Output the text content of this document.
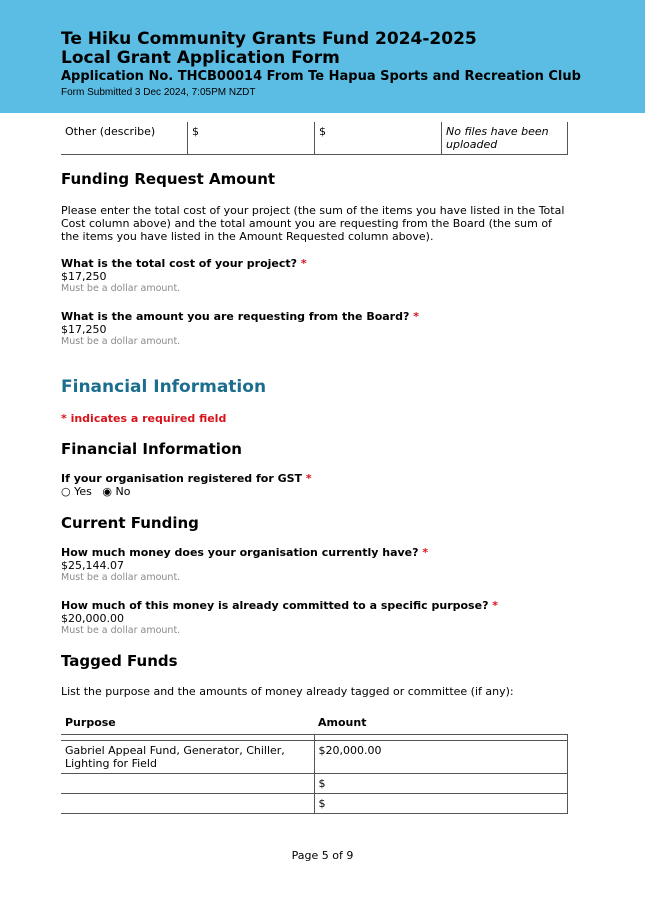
Te Hiku Community Grants Fund 2024-2025
Local Grant Application Form
Application No. THCB00014 From Te Hapua Sports and Recreation Club
Form Submitted 3 Dec 2024, 7:05PM NZDT
Other (describe)	$	$	No files have been uploaded
Funding Request Amount
Please enter the total cost of your project (the sum of the items you have listed in the Total Cost column above) and the total amount you are requesting from the Board (the sum of the items you have listed in the Amount Requested column above).
What is the total cost of your project? *
$17,250
Must be a dollar amount.
What is the amount you are requesting from the Board? *
$17,250
Must be a dollar amount.
Financial Information
* indicates a required field
Financial Information
If your organisation registered for GST *
○ Yes ◉ No
Current Funding
How much money does your organisation currently have? *
$25,144.07
Must be a dollar amount.
How much of this money is already committed to a specific purpose? *
$20,000.00
Must be a dollar amount.
Tagged Funds
List the purpose and the amounts of money already tagged or committee (if any):
Purpose	Amount

Gabriel Appeal Fund, Generator, Chiller, Lighting for Field	$20,000.00
	$
	$
Page 5 of 9
